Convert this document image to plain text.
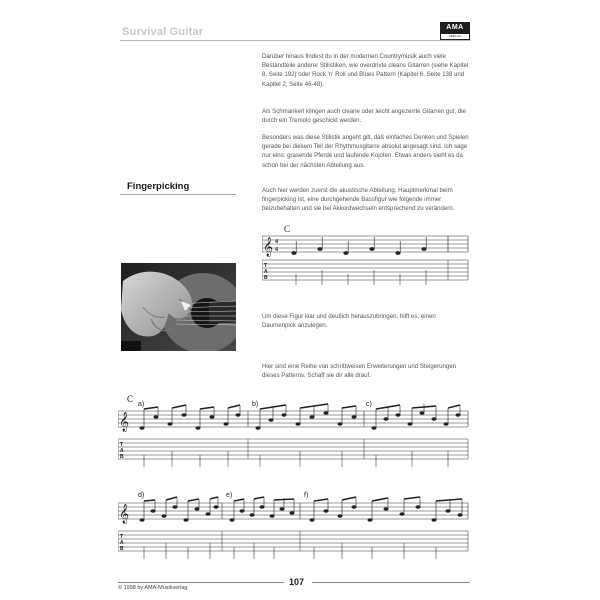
Survival Guitar	AMA
VERLAG

Darüber hinaus findest du in der modernen Countrymusik auch viele Bestandteile anderer Stilistiken, wie overdrivte cleans Gitarren (siehe Kapitel 8, Seite 192) oder Rock 'n' Roll und Blues Pattern (Kapitel 6, Seite 138 und Kapitel 2, Seite 46-48).

Als Schmankerl klingen auch cleane oder leicht angezerrte Gitarren gut, die durch ein Tremolo geschickt werden.

Besonders was diese Stilistik angeht gilt, daß einfaches Denken und Spielen gerade bei diesem Teil der Rhythmusgitarre absolut angesagt sind. Ich sage nur eins: grasende Pferde und laufende Kojoten. Etwas anders sieht es da schon bei der nächsten Abteilung aus.

Auch hier werden zuerst die akustische Abteilung. Hauptmerkmal beim fingerpicking ist, eine durchgehende Bassfigur wie folgende immer beizubehalten und sie bei Akkordwechseln entsprechend zu verändern.

Um diese Figur klar und deutlich herauszubringen, hilft es, einen Daumenpick anzulegen.

Hier sind eine Reihe von schrittweisen Erweiterungen und Steigerungen dieses Patterns. Schaff sie dir alle drauf.

Fingerpicking
C
𝄞 4
4
T
A
B
C
a)	b)	c)
𝄞
T
A
B
d)	e)	f)
𝄞
T
A
B
107
© 1998 by AMA-Musikverlag
